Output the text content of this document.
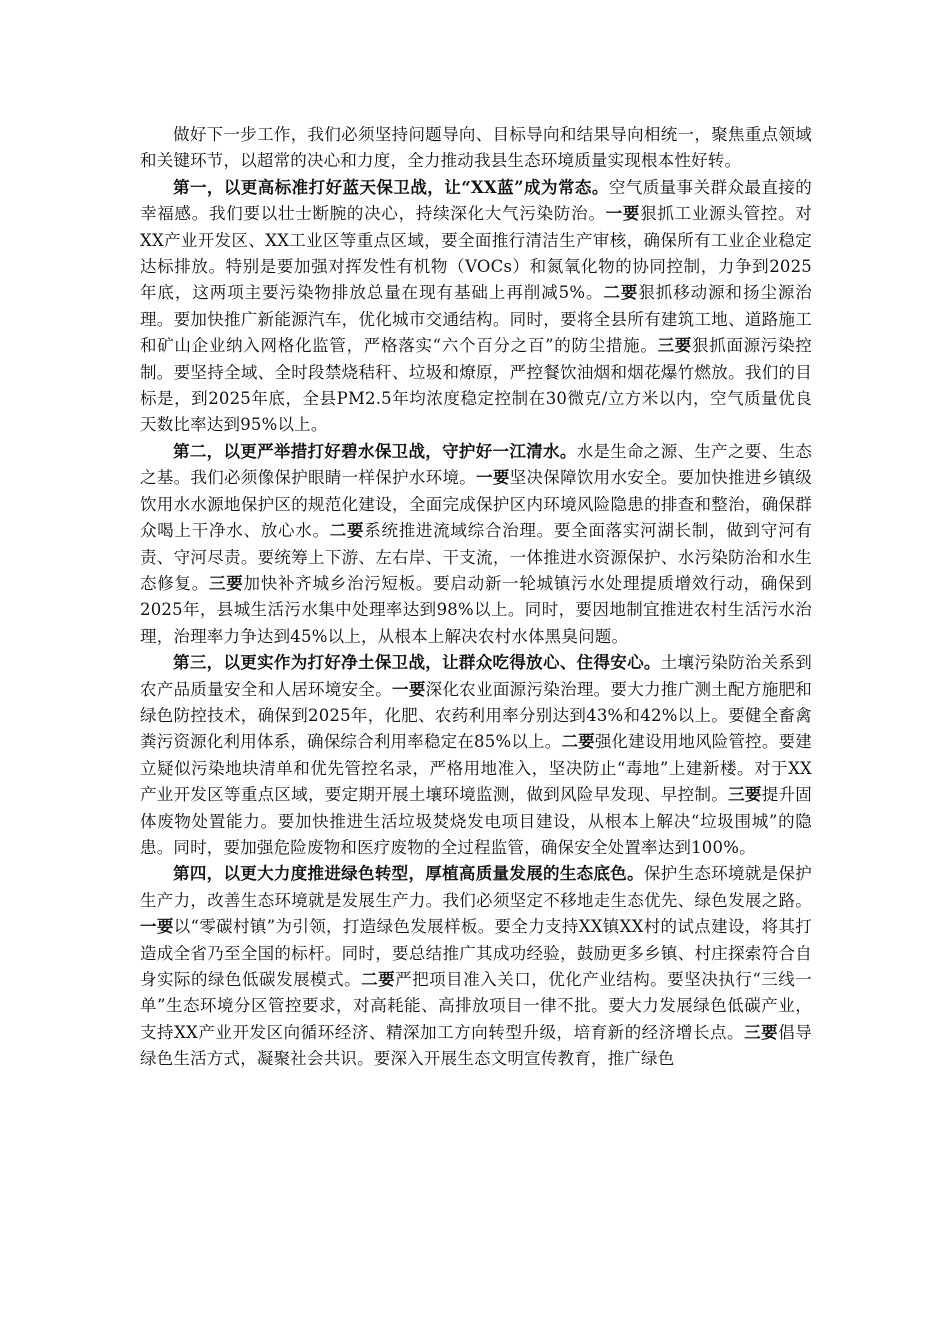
做好下一步工作，我们必须坚持问题导向、目标导向和结果导向相统一，聚焦重点领域和关键环节，以超常的决心和力度，全力推动我县生态环境质量实现根本性好转。

第一，以更高标准打好蓝天保卫战，让“XX蓝”成为常态。空气质量事关群众最直接的幸福感。我们要以壮士断腕的决心，持续深化大气污染防治。一要狠抓工业源头管控。对XX产业开发区、XX工业区等重点区域，要全面推行清洁生产审核，确保所有工业企业稳定达标排放。特别是要加强对挥发性有机物（VOCs）和氮氧化物的协同控制，力争到2025年底，这两项主要污染物排放总量在现有基础上再削减5%。二要狠抓移动源和扬尘源治理。要加快推广新能源汽车，优化城市交通结构。同时，要将全县所有建筑工地、道路施工和矿山企业纳入网格化监管，严格落实“六个百分之百”的防尘措施。三要狠抓面源污染控制。要坚持全域、全时段禁烧秸秆、垃圾和燎原，严控餐饮油烟和烟花爆竹燃放。我们的目标是，到2025年底，全县PM2.5年均浓度稳定控制在30微克/立方米以内，空气质量优良天数比率达到95%以上。

第二，以更严举措打好碧水保卫战，守护好一江清水。水是生命之源、生产之要、生态之基。我们必须像保护眼睛一样保护水环境。一要坚决保障饮用水安全。要加快推进乡镇级饮用水水源地保护区的规范化建设，全面完成保护区内环境风险隐患的排查和整治，确保群众喝上干净水、放心水。二要系统推进流域综合治理。要全面落实河湖长制，做到守河有责、守河尽责。要统筹上下游、左右岸、干支流，一体推进水资源保护、水污染防治和水生态修复。三要加快补齐城乡治污短板。要启动新一轮城镇污水处理提质增效行动，确保到2025年，县城生活污水集中处理率达到98%以上。同时，要因地制宜推进农村生活污水治理，治理率力争达到45%以上，从根本上解决农村水体黑臭问题。

第三，以更实作为打好净土保卫战，让群众吃得放心、住得安心。土壤污染防治关系到农产品质量安全和人居环境安全。一要深化农业面源污染治理。要大力推广测土配方施肥和绿色防控技术，确保到2025年，化肥、农药利用率分别达到43%和42%以上。要健全畜禽粪污资源化利用体系，确保综合利用率稳定在85%以上。二要强化建设用地风险管控。要建立疑似污染地块清单和优先管控名录，严格用地准入，坚决防止“毒地”上建新楼。对于XX产业开发区等重点区域，要定期开展土壤环境监测，做到风险早发现、早控制。三要提升固体废物处置能力。要加快推进生活垃圾焚烧发电项目建设，从根本上解决“垃圾围城”的隐患。同时，要加强危险废物和医疗废物的全过程监管，确保安全处置率达到100%。

第四，以更大力度推进绿色转型，厚植高质量发展的生态底色。保护生态环境就是保护生产力，改善生态环境就是发展生产力。我们必须坚定不移地走生态优先、绿色发展之路。一要以“零碳村镇”为引领，打造绿色发展样板。要全力支持XX镇XX村的试点建设，将其打造成全省乃至全国的标杆。同时，要总结推广其成功经验，鼓励更多乡镇、村庄探索符合自身实际的绿色低碳发展模式。二要严把项目准入关口，优化产业结构。要坚决执行“三线一单”生态环境分区管控要求，对高耗能、高排放项目一律不批。要大力发展绿色低碳产业，支持XX产业开发区向循环经济、精深加工方向转型升级，培育新的经济增长点。三要倡导绿色生活方式，凝聚社会共识。要深入开展生态文明宣传教育，推广绿色
